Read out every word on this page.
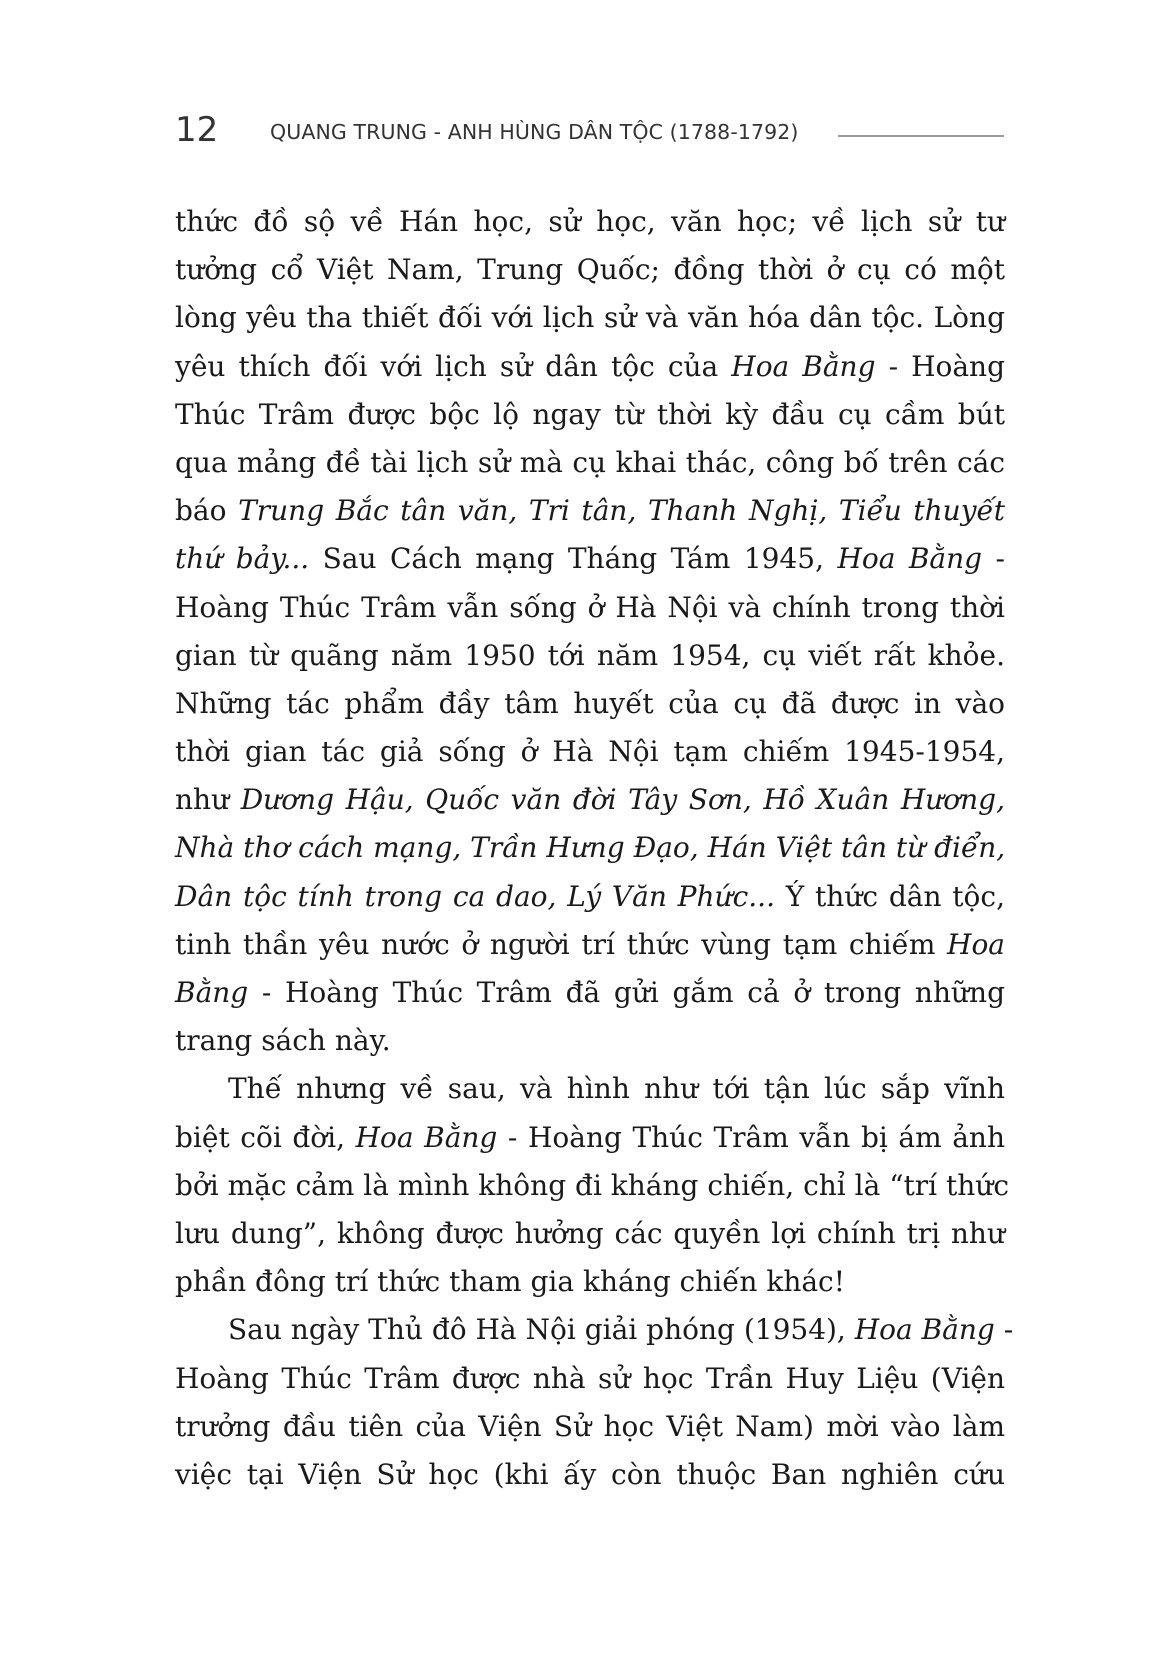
12	QUANG TRUNG - ANH HÙNG DÂN TỘC (1788-1792)
thức đồ sộ về Hán học, sử học, văn học; về lịch sử tư
tưởng cổ Việt Nam, Trung Quốc; đồng thời ở cụ có một
lòng yêu tha thiết đối với lịch sử và văn hóa dân tộc. Lòng
yêu thích đối với lịch sử dân tộc của Hoa Bằng - Hoàng
Thúc Trâm được bộc lộ ngay từ thời kỳ đầu cụ cầm bút
qua mảng đề tài lịch sử mà cụ khai thác, công bố trên các
báo Trung Bắc tân văn, Tri tân, Thanh Nghị, Tiểu thuyết
thứ bảy... Sau Cách mạng Tháng Tám 1945, Hoa Bằng -
Hoàng Thúc Trâm vẫn sống ở Hà Nội và chính trong thời
gian từ quãng năm 1950 tới năm 1954, cụ viết rất khỏe.
Những tác phẩm đầy tâm huyết của cụ đã được in vào
thời gian tác giả sống ở Hà Nội tạm chiếm 1945-1954,
như Dương Hậu, Quốc văn đời Tây Sơn, Hồ Xuân Hương,
Nhà thơ cách mạng, Trần Hưng Đạo, Hán Việt tân từ điển,
Dân tộc tính trong ca dao, Lý Văn Phức... Ý thức dân tộc,
tinh thần yêu nước ở người trí thức vùng tạm chiếm Hoa
Bằng - Hoàng Thúc Trâm đã gửi gắm cả ở trong những
trang sách này.
Thế nhưng về sau, và hình như tới tận lúc sắp vĩnh
biệt cõi đời, Hoa Bằng - Hoàng Thúc Trâm vẫn bị ám ảnh
bởi mặc cảm là mình không đi kháng chiến, chỉ là “trí thức
lưu dung”, không được hưởng các quyền lợi chính trị như
phần đông trí thức tham gia kháng chiến khác!
Sau ngày Thủ đô Hà Nội giải phóng (1954), Hoa Bằng -
Hoàng Thúc Trâm được nhà sử học Trần Huy Liệu (Viện
trưởng đầu tiên của Viện Sử học Việt Nam) mời vào làm
việc tại Viện Sử học (khi ấy còn thuộc Ban nghiên cứu
